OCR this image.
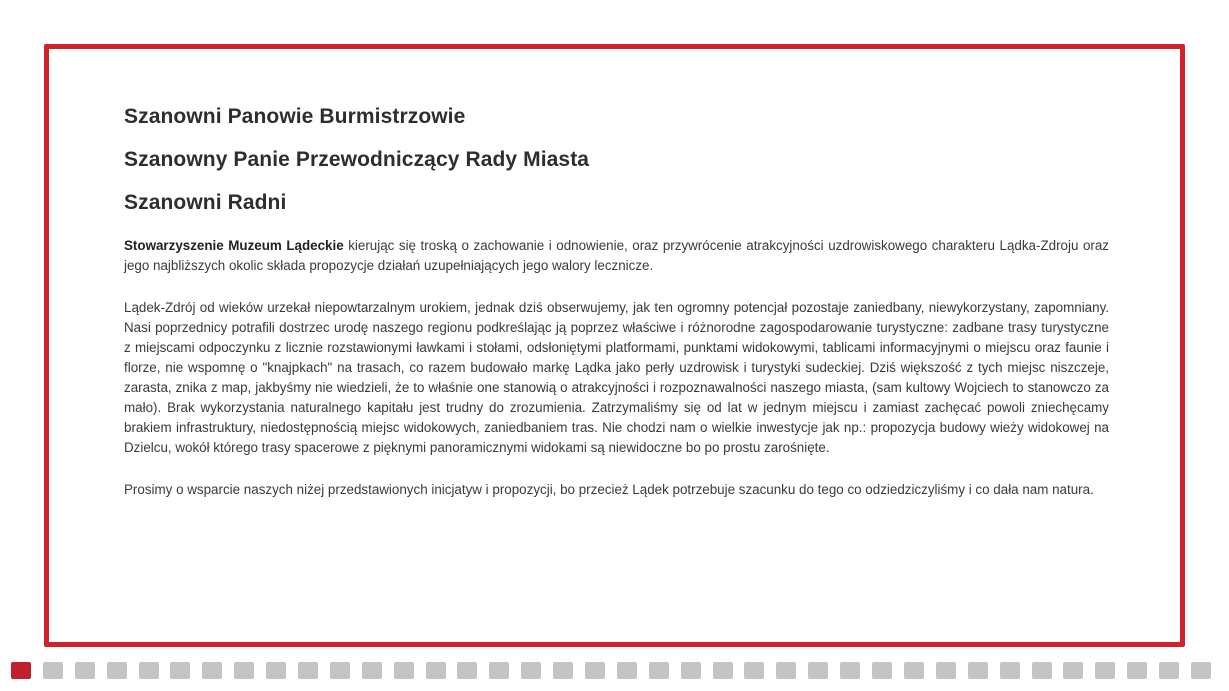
Szanowni Panowie Burmistrzowie
Szanowny Panie Przewodniczący Rady Miasta
Szanowni Radni

Stowarzyszenie Muzeum Lądeckie kierując się troską o zachowanie i odnowienie, oraz przywrócenie atrakcyjności uzdrowiskowego charakteru Lądka-Zdroju oraz jego najbliższych okolic składa propozycje działań uzupełniających jego walory lecznicze.

Lądek-Zdrój od wieków urzekał niepowtarzalnym urokiem, jednak dziś obserwujemy, jak ten ogromny potencjał pozostaje zaniedbany, niewykorzystany, zapomniany. Nasi poprzednicy potrafili dostrzec urodę naszego regionu podkreślając ją poprzez właściwe i różnorodne zagospodarowanie turystyczne: zadbane trasy turystyczne z miejscami odpoczynku z licznie rozstawionymi ławkami i stołami, odsłoniętymi platformami, punktami widokowymi, tablicami informacyjnymi o miejscu oraz faunie i florze, nie wspomnę o "knajpkach" na trasach, co razem budowało markę Lądka jako perły uzdrowisk i turystyki sudeckiej. Dziś większość z tych miejsc niszczeje, zarasta, znika z map, jakbyśmy nie wiedzieli, że to właśnie one stanowią o atrakcyjności i rozpoznawalności naszego miasta, (sam kultowy Wojciech to stanowczo za mało). Brak wykorzystania naturalnego kapitału jest trudny do zrozumienia. Zatrzymaliśmy się od lat w jednym miejscu i zamiast zachęcać powoli zniechęcamy brakiem infrastruktury, niedostępnością miejsc widokowych, zaniedbaniem tras. Nie chodzi nam o wielkie inwestycje jak np.: propozycja budowy wieży widokowej na Dzielcu, wokół którego trasy spacerowe z pięknymi panoramicznymi widokami są niewidoczne bo po prostu zarośnięte.

Prosimy o wsparcie naszych niżej przedstawionych inicjatyw i propozycji, bo przecież Lądek potrzebuje szacunku do tego co odziedziczyliśmy i co dała nam natura.
